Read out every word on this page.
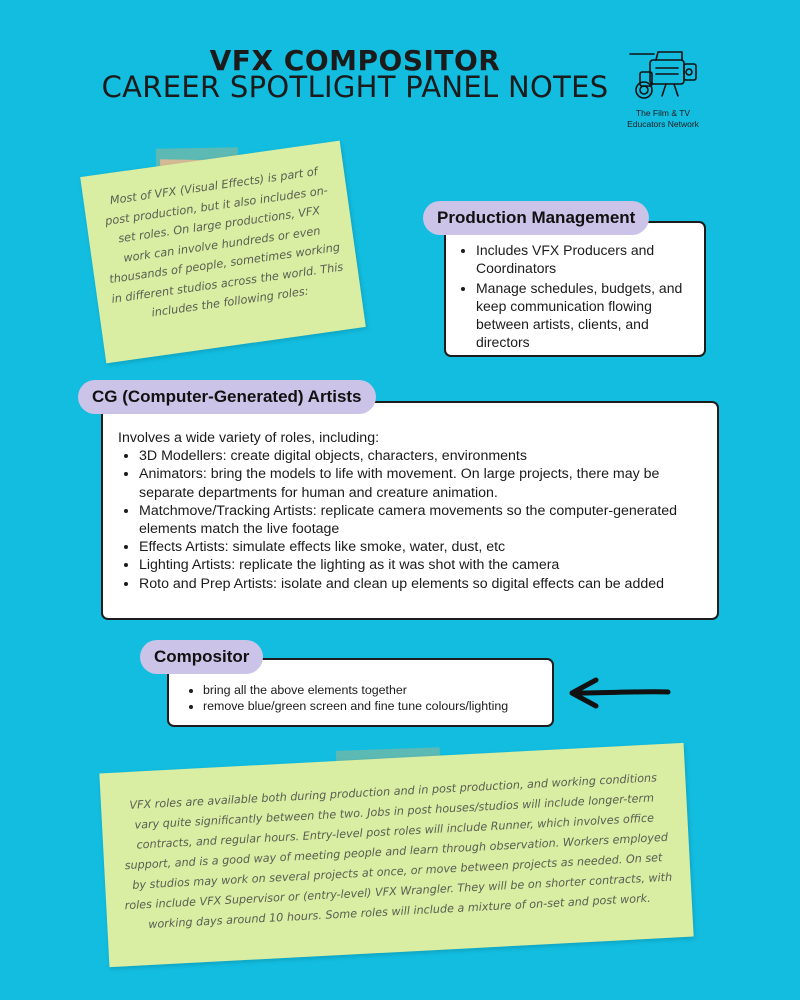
VFX COMPOSITOR
CAREER SPOTLIGHT PANEL NOTES
The Film & TV
Educators Network
Most of VFX (Visual Effects) is part of post production, but it also includes on-set roles. On large productions, VFX work can involve hundreds or even thousands of people, sometimes working in different studios across the world. This includes the following roles:
• Includes VFX Producers and Coordinators
• Manage schedules, budgets, and keep communication flowing between artists, clients, and directors
Production Management
Involves a wide variety of roles, including:
• 3D Modellers: create digital objects, characters, environments
• Animators: bring the models to life with movement. On large projects, there may be separate departments for human and creature animation.
• Matchmove/Tracking Artists: replicate camera movements so the computer-generated elements match the live footage
• Effects Artists: simulate effects like smoke, water, dust, etc
• Lighting Artists: replicate the lighting as it was shot with the camera
• Roto and Prep Artists: isolate and clean up elements so digital effects can be added
CG (Computer-Generated) Artists
• bring all the above elements together
• remove blue/green screen and fine tune colours/lighting
Compositor
VFX roles are available both during production and in post production, and working conditions vary quite significantly between the two. Jobs in post houses/studios will include longer-term contracts, and regular hours. Entry-level post roles will include Runner, which involves office support, and is a good way of meeting people and learn through observation. Workers employed by studios may work on several projects at once, or move between projects as needed. On set roles include VFX Supervisor or (entry-level) VFX Wrangler. They will be on shorter contracts, with working days around 10 hours. Some roles will include a mixture of on-set and post work.
